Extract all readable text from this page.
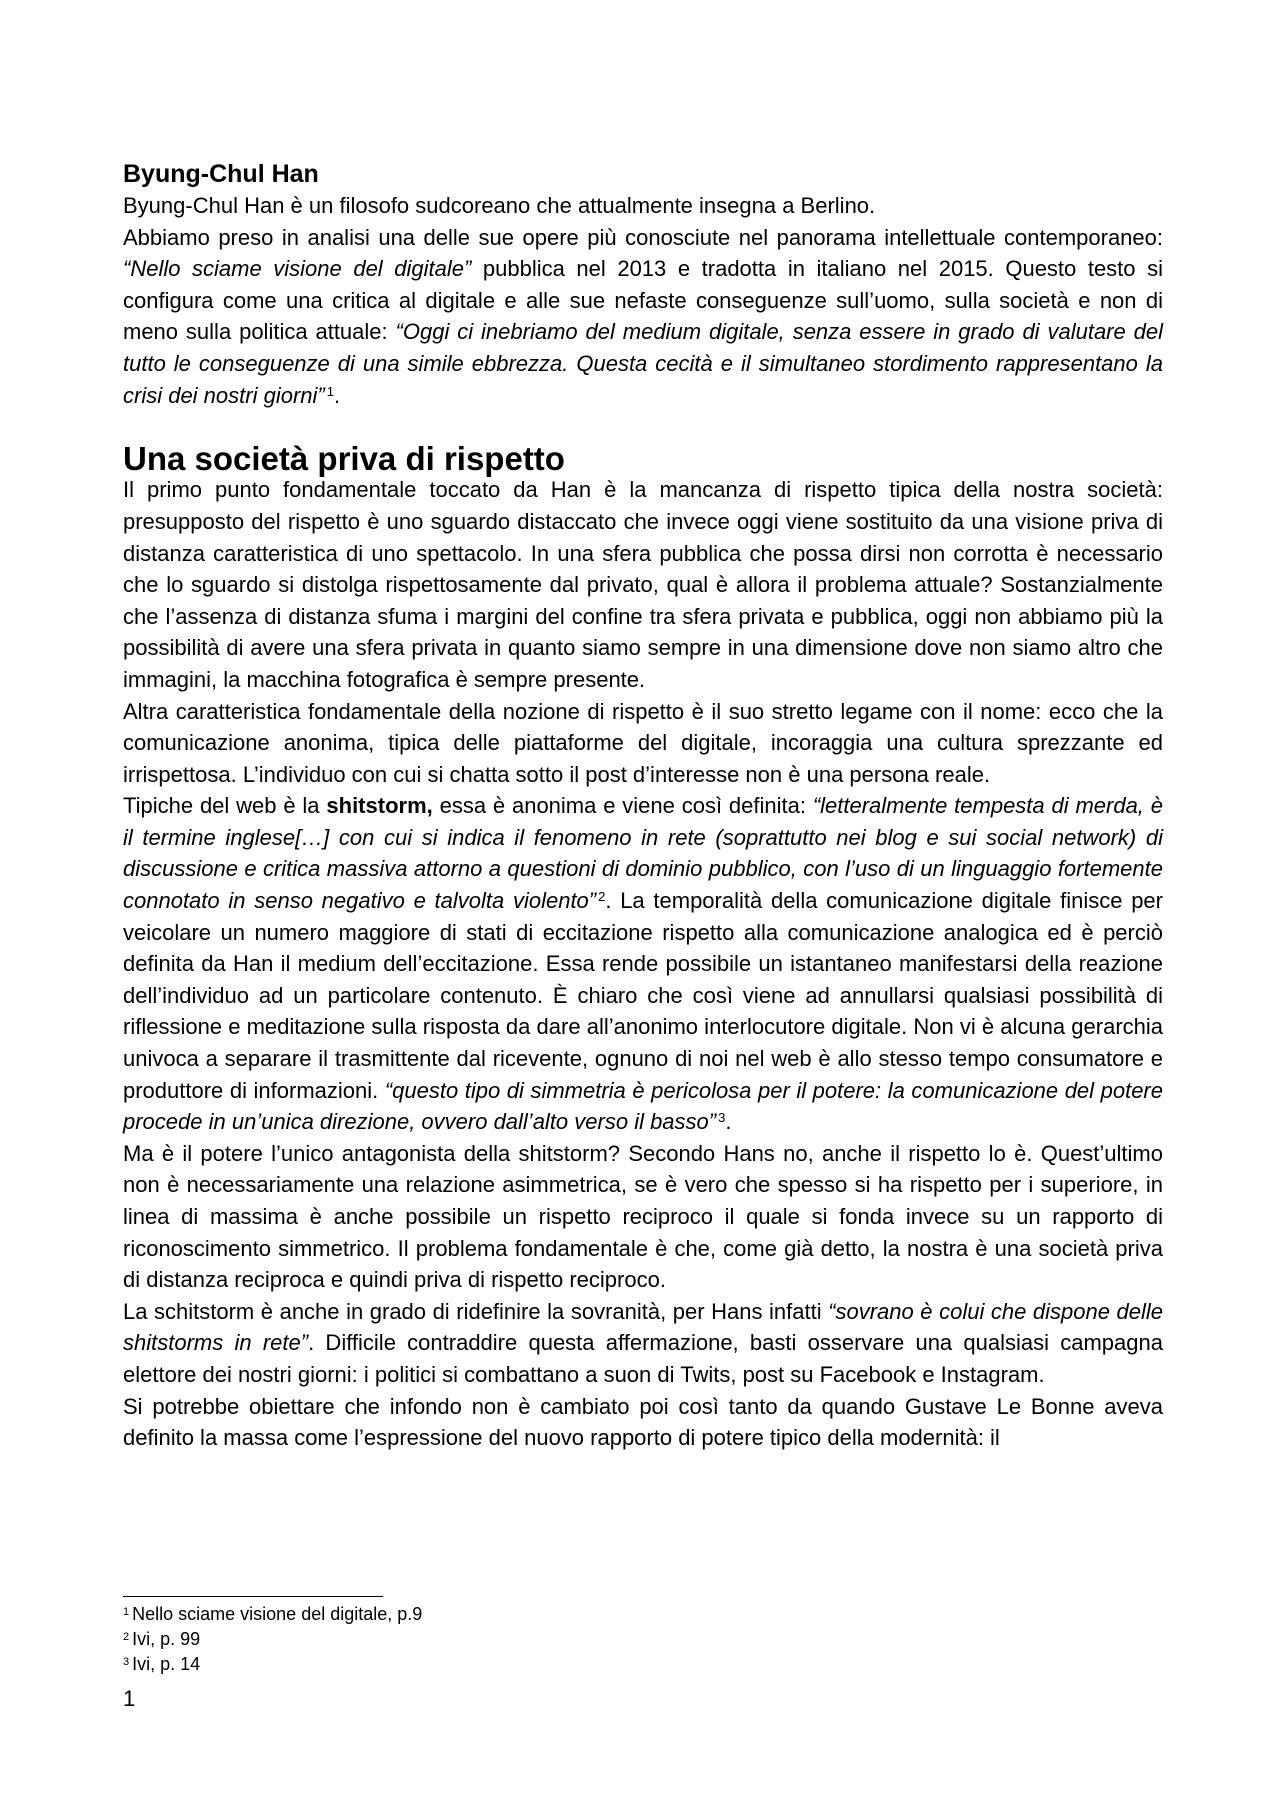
Byung-Chul Han

Byung-Chul Han è un filosofo sudcoreano che attualmente insegna a Berlino.

Abbiamo preso in analisi una delle sue opere più conosciute nel panorama intellettuale contemporaneo: “Nello sciame visione del digitale” pubblica nel 2013 e tradotta in italiano nel 2015. Questo testo si configura come una critica al digitale e alle sue nefaste conseguenze sull’uomo, sulla società e non di meno sulla politica attuale: “Oggi ci inebriamo del medium digitale, senza essere in grado di valutare del tutto le conseguenze di una simile ebbrezza. Questa cecità e il simultaneo stordimento rappresentano la crisi dei nostri giorni” $^1$.

Una società priva di rispetto

Il primo punto fondamentale toccato da Han è la mancanza di rispetto tipica della nostra società: presupposto del rispetto è uno sguardo distaccato che invece oggi viene sostituito da una visione priva di distanza caratteristica di uno spettacolo. In una sfera pubblica che possa dirsi non corrotta è necessario che lo sguardo si distolga rispettosamente dal privato, qual è allora il problema attuale? Sostanzialmente che l’assenza di distanza sfuma i margini del confine tra sfera privata e pubblica, oggi non abbiamo più la possibilità di avere una sfera privata in quanto siamo sempre in una dimensione dove non siamo altro che immagini, la macchina fotografica è sempre presente.

Altra caratteristica fondamentale della nozione di rispetto è il suo stretto legame con il nome: ecco che la comunicazione anonima, tipica delle piattaforme del digitale, incoraggia una cultura sprezzante ed irrispettosa. L’individuo con cui si chatta sotto il post d’interesse non è una persona reale.

Tipiche del web è la shitstorm, essa è anonima e viene così definita: “letteralmente tempesta di merda, è il termine inglese[…] con cui si indica il fenomeno in rete (soprattutto nei blog e sui social network) di discussione e critica massiva attorno a questioni di dominio pubblico, con l’uso di un linguaggio fortemente connotato in senso negativo e talvolta violento” $^2$. La temporalità della comunicazione digitale finisce per veicolare un numero maggiore di stati di eccitazione rispetto alla comunicazione analogica ed è perciò definita da Han il medium dell’eccitazione. Essa rende possibile un istantaneo manifestarsi della reazione dell’individuo ad un particolare contenuto. È chiaro che così viene ad annullarsi qualsiasi possibilità di riflessione e meditazione sulla risposta da dare all’anonimo interlocutore digitale. Non vi è alcuna gerarchia univoca a separare il trasmittente dal ricevente, ognuno di noi nel web è allo stesso tempo consumatore e produttore di informazioni. “questo tipo di simmetria è pericolosa per il potere: la comunicazione del potere procede in un’unica direzione, ovvero dall’alto verso il basso” $^3$.

Ma è il potere l’unico antagonista della shitstorm? Secondo Hans no, anche il rispetto lo è. Quest’ultimo non è necessariamente una relazione asimmetrica, se è vero che spesso si ha rispetto per i superiore, in linea di massima è anche possibile un rispetto reciproco il quale si fonda invece su un rapporto di riconoscimento simmetrico. Il problema fondamentale è che, come già detto, la nostra è una società priva di distanza reciproca e quindi priva di rispetto reciproco.

La schitstorm è anche in grado di ridefinire la sovranità, per Hans infatti “sovrano è colui che dispone delle shitstorms in rete”. Difficile contraddire questa affermazione, basti osservare una qualsiasi campagna elettore dei nostri giorni: i politici si combattano a suon di Twits, post su Facebook e Instagram.

Si potrebbe obiettare che infondo non è cambiato poi così tanto da quando Gustave Le Bonne aveva definito la massa come l’espressione del nuovo rapporto di potere tipico della modernità: il

$^1$ Nello sciame visione del digitale, p.9
$^2$ Ivi, p. 99
$^3$ Ivi, p. 14
1
